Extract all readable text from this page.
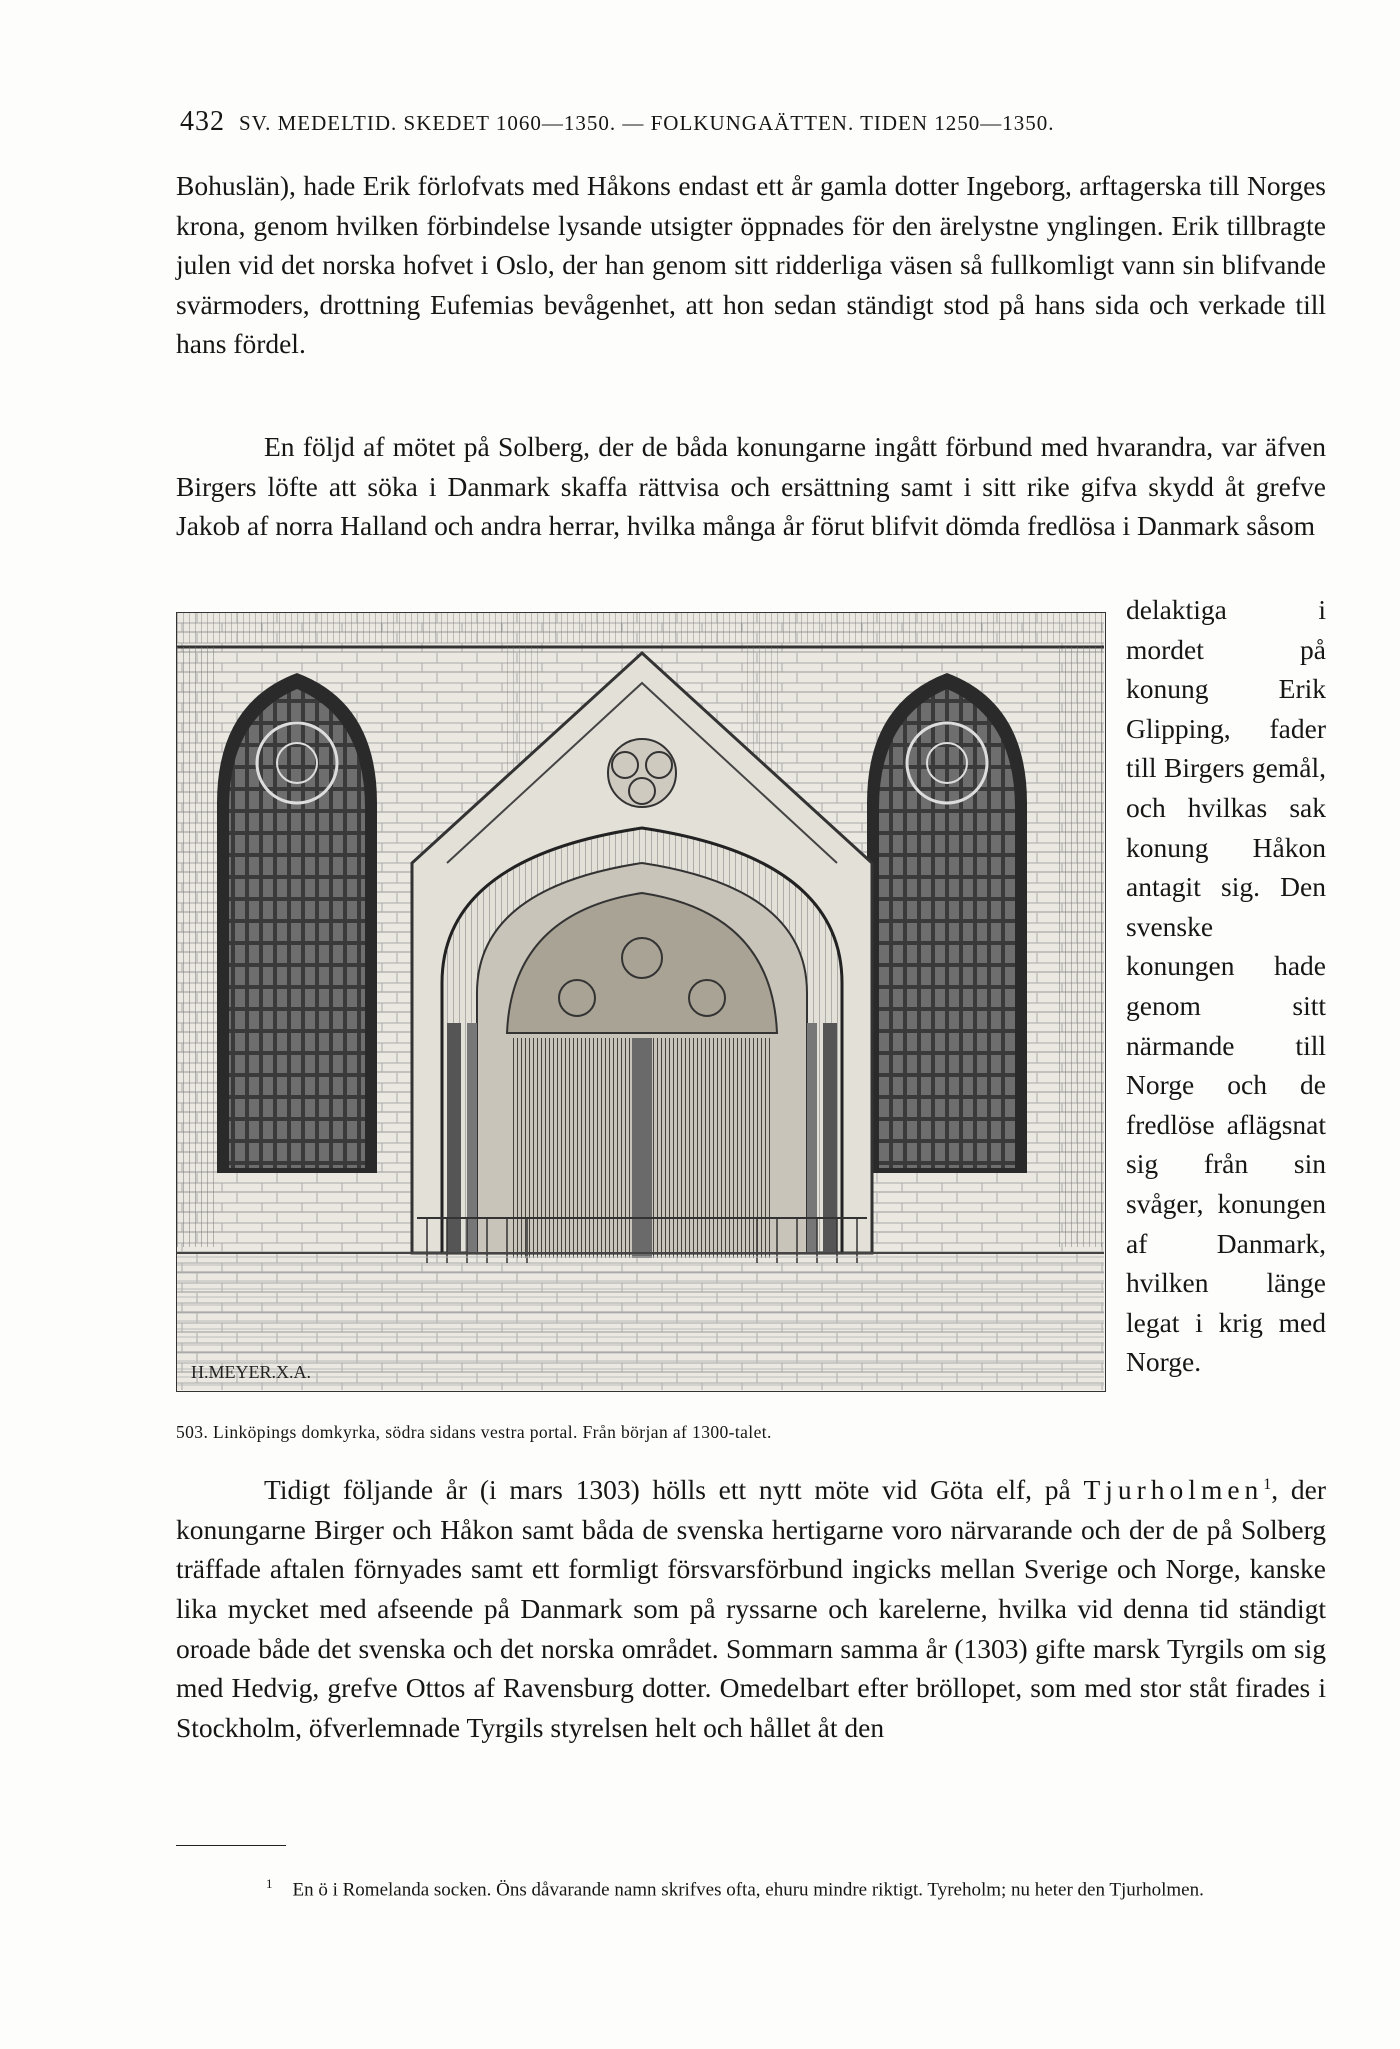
432 SV. MEDELTID. SKEDET 1060—1350. — FOLKUNGAÄTTEN. TIDEN 1250—1350.

Bohuslän), hade Erik förlofvats med Håkons endast ett år gamla dotter Ingeborg, arftagerska till Norges krona, genom hvilken förbindelse lysande utsigter öppnades för den ärelystne ynglingen. Erik tillbragte julen vid det norska hofvet i Oslo, der han genom sitt ridderliga väsen så fullkomligt vann sin blifvande svärmoders, drottning Eufemias bevågenhet, att hon sedan ständigt stod på hans sida och verkade till hans fördel.

En följd af mötet på Solberg, der de båda konungarne ingått förbund med hvarandra, var äfven Birgers löfte att söka i Danmark skaffa rättvisa och ersättning samt i sitt rike gifva skydd åt grefve Jakob af norra Halland och andra herrar, hvilka många år förut blifvit dömda fredlösa i Danmark såsom

delaktiga i mordet på konung Erik Glipping, fader till Birgers gemål, och hvilkas sak konung Håkon antagit sig. Den svenske konungen hade genom sitt närmande till Norge och de fredlöse aflägsnat sig från sin svåger, konungen af Danmark, hvilken länge legat i krig med Norge.
H.MEYER.X.A.
503. Linköpings domkyrka, södra sidans vestra portal. Från början af 1300-talet.

Tidigt följande år (i mars 1303) hölls ett nytt möte vid Göta elf, på Tjurholmen$^1$, der konungarne Birger och Håkon samt båda de svenska hertigarne voro närvarande och der de på Solberg träffade aftalen förnyades samt ett formligt försvarsförbund ingicks mellan Sverige och Norge, kanske lika mycket med afseende på Danmark som på ryssarne och karelerne, hvilka vid denna tid ständigt oroade både det svenska och det norska området. Sommarn samma år (1303) gifte marsk Tyrgils om sig med Hedvig, grefve Ottos af Ravensburg dotter. Omedelbart efter bröllopet, som med stor ståt firades i Stockholm, öfverlemnade Tyrgils styrelsen helt och hållet åt den

$^1$ En ö i Romelanda socken. Öns dåvarande namn skrifves ofta, ehuru mindre riktigt. Tyreholm; nu heter den Tjurholmen.
